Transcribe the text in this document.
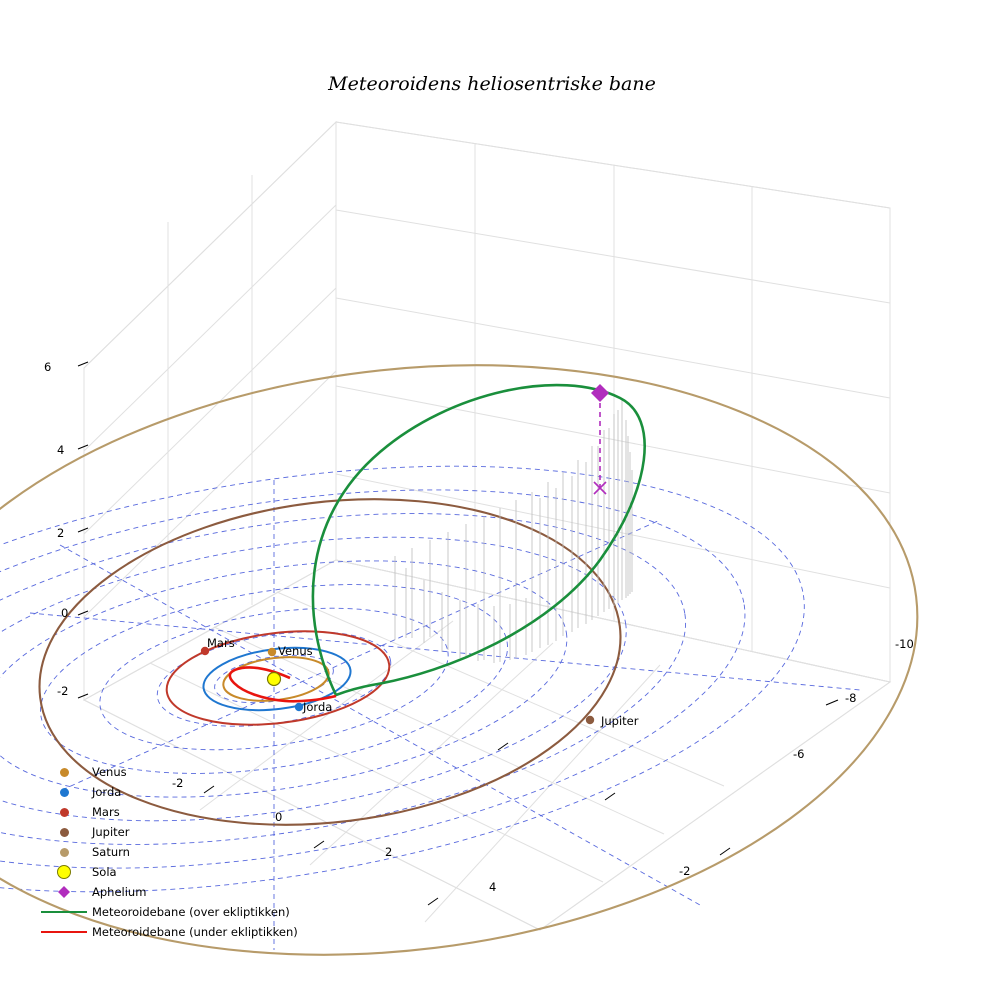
Meteoroidens heliosentriske bane
6
4
2
0
-2
-2
0
2
4
-10
-8
-6
-2
Mars
Venus
Jorda
Jupiter
Venus
Jorda
Mars
Jupiter
Saturn
Sola
Aphelium
Meteoroidebane (over ekliptikken)
Meteoroidebane (under ekliptikken)
